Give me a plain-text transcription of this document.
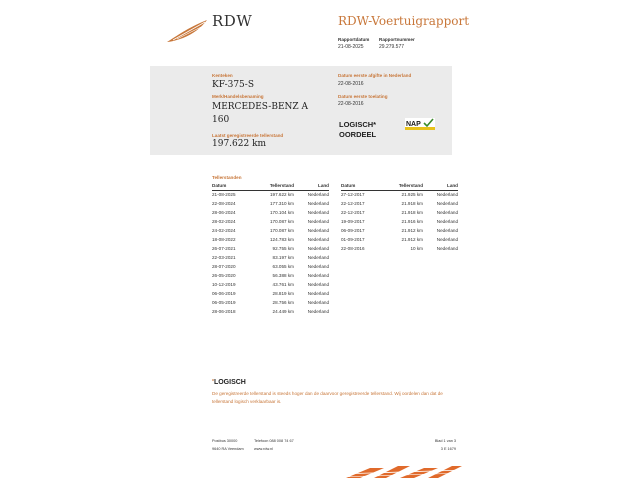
RDW	RDW-Voertuigrapport
Rapportdatum	Rapportnummer
21-08-2025	29.279.577
Kenteken
KF-375-S
Merk/Handelsbenaming
MERCEDES-BENZ A 160
Laatst geregistreerde tellerstand
197.622 km
Datum eerste afgifte in Nederland
22-08-2016
Datum eerste toelating
22-08-2016
LOGISCH*
OORDEEL
NAP
Tellerstanden
Datum	Tellerstand	Land
21-08-2025	197.622 km	Nederland
22-08-2024	177.310 km	Nederland
28-06-2024	170.104 km	Nederland
28-02-2024	170.087 km	Nederland
24-02-2024	170.087 km	Nederland
18-08-2022	124.783 km	Nederland
26-07-2021	92.755 km	Nederland
22-03-2021	83.197 km	Nederland
28-07-2020	63.055 km	Nederland
26-05-2020	56.388 km	Nederland
10-12-2019	43.761 km	Nederland
06-06-2019	28.819 km	Nederland
06-05-2019	28.756 km	Nederland
28-06-2018	24.449 km	Nederland
Datum	Tellerstand	Land
27-12-2017	21.925 km	Nederland
22-12-2017	21.918 km	Nederland
22-12-2017	21.918 km	Nederland
19-09-2017	21.916 km	Nederland
06-09-2017	21.912 km	Nederland
01-09-2017	21.912 km	Nederland
22-08-2016	10 km	Nederland
*LOGISCH
De geregistreerde tellerstand is steeds hoger dan de daarvoor geregistreerde tellerstand. Wij oordelen dan dat de tellerstand logisch verklaarbaar is.
Postbus 30000
9640 RA Veendam
Telefoon 088 008 74 67
www.rdw.nl
Blad 1 van 3
3 E 1679
